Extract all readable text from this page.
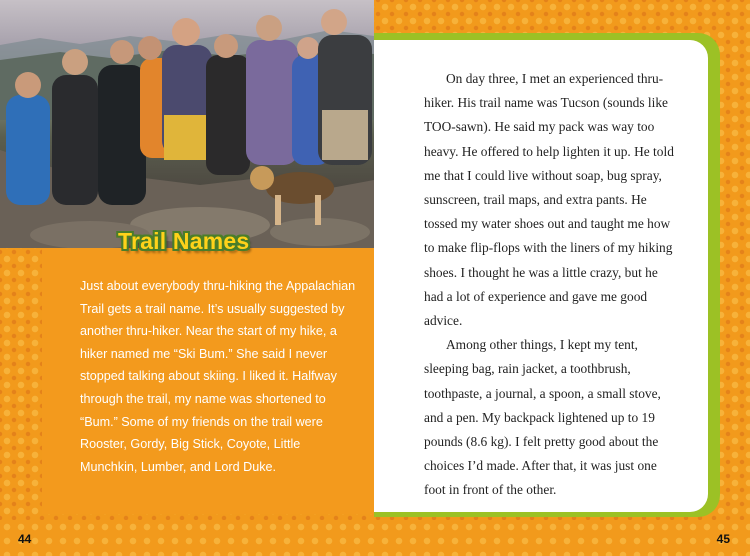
Trail Names

Just about everybody thru-hiking the Appalachian Trail gets a trail name. It’s usually suggested by another thru-hiker. Near the start of my hike, a hiker named me “Ski Bum.” She said I never stopped talking about skiing. I liked it. Halfway through the trail, my name was shortened to “Bum.” Some of my friends on the trail were Rooster, Gordy, Big Stick, Coyote, Little Munchkin, Lumber, and Lord Duke.

On day three, I met an experienced thru-hiker. His trail name was Tucson (sounds like TOO-sawn). He said my pack was way too heavy. He offered to help lighten it up. He told me that I could live without soap, bug spray, sunscreen, trail maps, and extra pants. He tossed my water shoes out and taught me how to make flip-flops with the liners of my hiking shoes. I thought he was a little crazy, but he had a lot of experience and gave me good advice.

Among other things, I kept my tent, sleeping bag, rain jacket, a toothbrush, toothpaste, a journal, a spoon, a small stove, and a pen. My backpack lightened up to 19 pounds (8.6 kg). I felt pretty good about the choices I’d made. After that, it was just one foot in front of the other.

44	45
